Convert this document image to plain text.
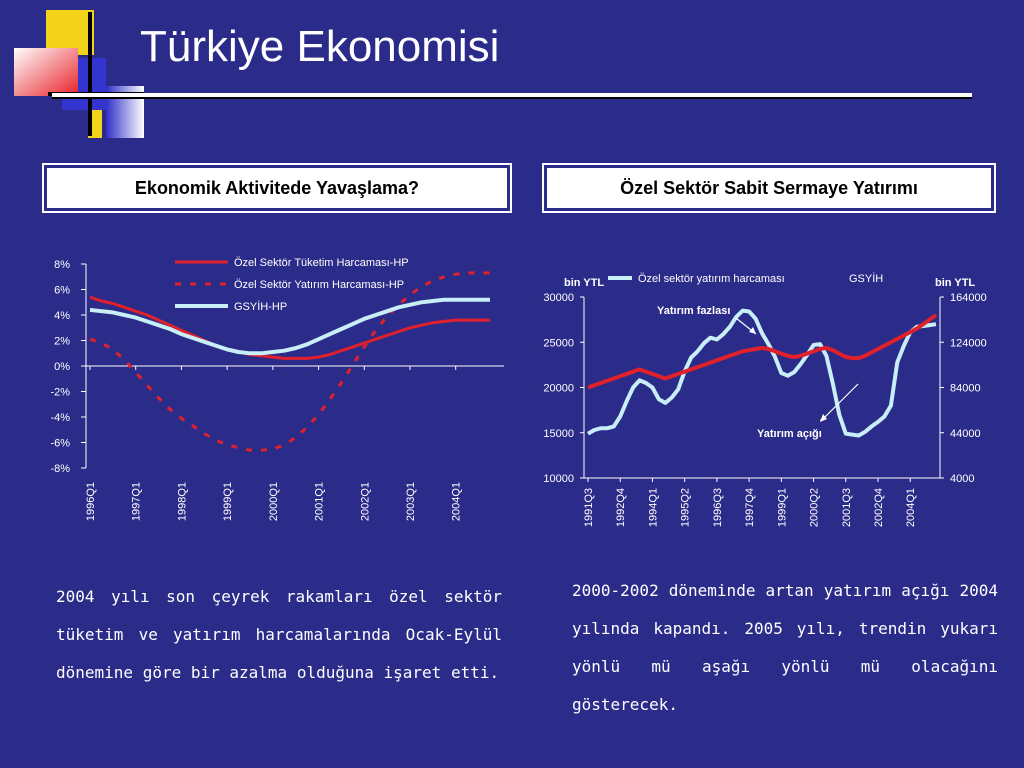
Türkiye Ekonomisi
Ekonomik Aktivitede Yavaşlama?	Özel Sektör Sabit Sermaye Yatırımı
8%
6%
4%
2%
0%
-2%
-4%
-6%
-8%
1996Q1	1997Q1	1998Q1	1999Q1	2000Q1	2001Q1	2002Q1	2003Q1	2004Q1
Özel Sektör Tüketim Harcaması-HP
Özel Sektör Yatırım Harcaması-HP
GSYİH-HP
30000
25000
20000
15000
10000
164000
124000
84000
44000
4000
bin YTL	bin YTL
1991Q3 1992Q4 1994Q1 1995Q2 1996Q3 1997Q4 1999Q1 2000Q2 2001Q3 2002Q4 2004Q1
Özel sektör yatırım harcaması	GSYİH
Yatırım fazlası
Yatırım açığı
2004 yılı son çeyrek rakamları özel sektör tüketim ve yatırım harcamalarında Ocak-Eylül dönemine göre bir azalma olduğuna işaret etti.
2000-2002 döneminde artan yatırım açığı 2004 yılında kapandı. 2005 yılı, trendin yukarı yönlü mü aşağı yönlü mü olacağını gösterecek.
